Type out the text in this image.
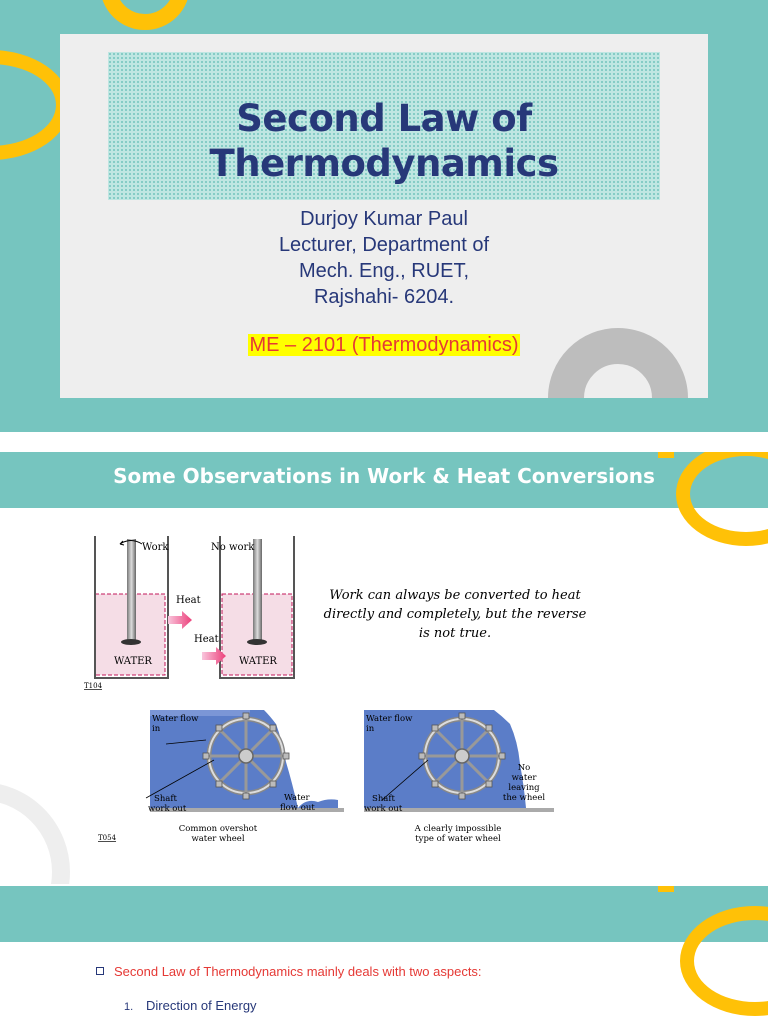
Second Law of
Thermodynamics
Durjoy Kumar Paul
Lecturer, Department of
Mech. Eng., RUET,
Rajshahi- 6204.
ME – 2101 (Thermodynamics)
Some Observations in Work & Heat Conversions
Work	No work
Heat
Heat
WATER	WATER
T104
Work can always be converted to heat
directly and completely, but the reverse
is not true.
Water flow
in
Shaft
work out
Water
flow out
Common overshot
water wheel
Water flow
in
Shaft
work out
No
water
leaving
the wheel
A clearly impossible
type of water wheel
T054
Second Law of Thermodynamics mainly deals with two aspects:
1. Direction of Energy
